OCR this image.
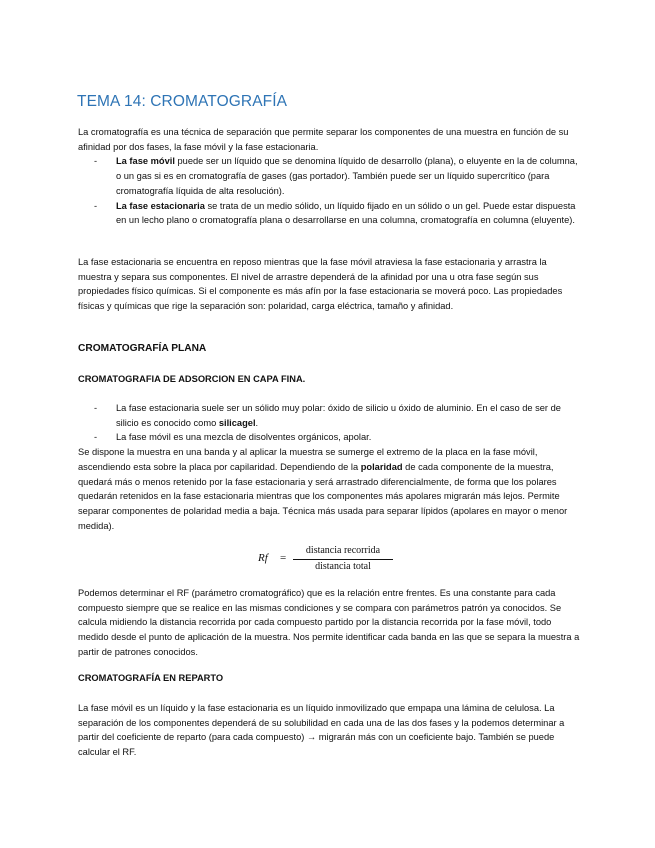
TEMA 14: CROMATOGRAFÍA

La cromatografía es una técnica de separación que permite separar los componentes de una muestra en función de su afinidad por dos fases, la fase móvil y la fase estacionaria.

- La fase móvil puede ser un líquido que se denomina líquido de desarrollo (plana), o eluyente en la de columna, o un gas si es en cromatografía de gases (gas portador). También puede ser un líquido supercrítico (para cromatografía líquida de alta resolución).
- La fase estacionaria se trata de un medio sólido, un líquido fijado en un sólido o un gel. Puede estar dispuesta en un lecho plano o cromatografía plana o desarrollarse en una columna, cromatografía en columna (eluyente).

La fase estacionaria se encuentra en reposo mientras que la fase móvil atraviesa la fase estacionaria y arrastra la muestra y separa sus componentes. El nivel de arrastre dependerá de la afinidad por una u otra fase según sus propiedades físico químicas. Si el componente es más afín por la fase estacionaria se moverá poco. Las propiedades físicas y químicas que rige la separación son: polaridad, carga eléctrica, tamaño y afinidad.

CROMATOGRAFÍA PLANA
CROMATOGRAFIA DE ADSORCION EN CAPA FINA.
- La fase estacionaria suele ser un sólido muy polar: óxido de silicio u óxido de aluminio. En el caso de ser de silicio es conocido como silicagel.
- La fase móvil es una mezcla de disolventes orgánicos, apolar.

Se dispone la muestra en una banda y al aplicar la muestra se sumerge el extremo de la placa en la fase móvil, ascendiendo esta sobre la placa por capilaridad. Dependiendo de la polaridad de cada componente de la muestra, quedará más o menos retenido por la fase estacionaria y será arrastrado diferencialmente, de forma que los polares quedarán retenidos en la fase estacionaria mientras que los componentes más apolares migrarán más lejos. Permite separar componentes de polaridad media a baja. Técnica más usada para separar lípidos (apolares en mayor o menor medida).

Rf =
distancia recorrida
distancia total

Podemos determinar el RF (parámetro cromatográfico) que es la relación entre frentes. Es una constante para cada compuesto siempre que se realice en las mismas condiciones y se compara con parámetros patrón ya conocidos. Se calcula midiendo la distancia recorrida por cada compuesto partido por la distancia recorrida por la fase móvil, todo medido desde el punto de aplicación de la muestra. Nos permite identificar cada banda en las que se separa la muestra a partir de patrones conocidos.

CROMATOGRAFÍA EN REPARTO

La fase móvil es un líquido y la fase estacionaria es un líquido inmovilizado que empapa una lámina de celulosa. La separación de los componentes dependerá de su solubilidad en cada una de las dos fases y la podemos determinar a partir del coeficiente de reparto (para cada compuesto) → migrarán más con un coeficiente bajo. También se puede calcular el RF.
